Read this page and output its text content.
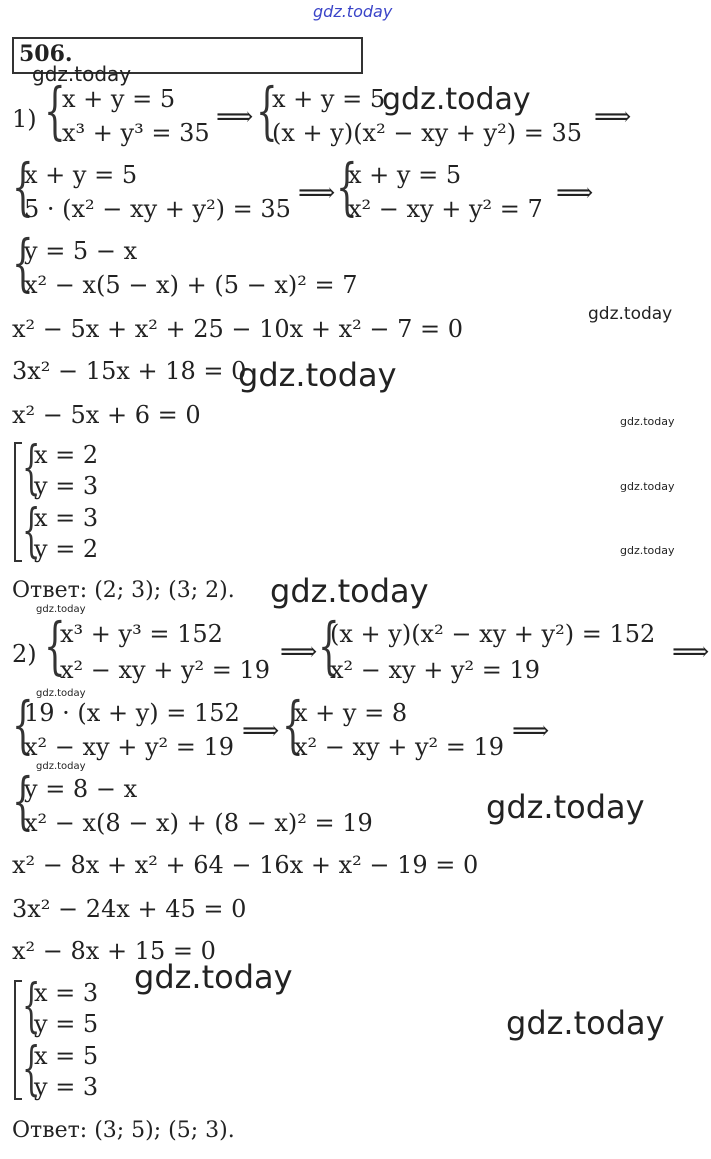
gdz.today
506.
gdz.today
1) {
x + y = 5
x³ + y³ = 35
⟹ {
x + y = 5
(x + y)(x² − xy + y²) = 35
⟹
gdz.today
{
x + y = 5
5 · (x² − xy + y²) = 35
⟹ {
x + y = 5
x² − xy + y² = 7
⟹
{
y = 5 − x
x² − x(5 − x) + (5 − x)² = 7
x² − 5x + x² + 25 − 10x + x² − 7 = 0
gdz.today
3x² − 15x + 18 = 0
gdz.today
x² − 5x + 6 = 0	gdz.today
{
x = 2
y = 3
{
x = 3
y = 2
gdz.today
gdz.today
Ответ: (2; 3); (3; 2). gdz.today
gdz.today
2) {
x³ + y³ = 152
x² − xy + y² = 19
⟹ {
(x + y)(x² − xy + y²) = 152
x² − xy + y² = 19
⟹
gdz.today
{
19 · (x + y) = 152
x² − xy + y² = 19
⟹ {
x + y = 8
x² − xy + y² = 19
⟹
gdz.today
{
y = 8 − x
x² − x(8 − x) + (8 − x)² = 19	gdz.today
x² − 8x + x² + 64 − 16x + x² − 19 = 0
3x² − 24x + 45 = 0
x² − 8x + 15 = 0
gdz.today
{
x = 3
y = 5
{
x = 5
y = 3
gdz.today
Ответ: (3; 5); (5; 3).
